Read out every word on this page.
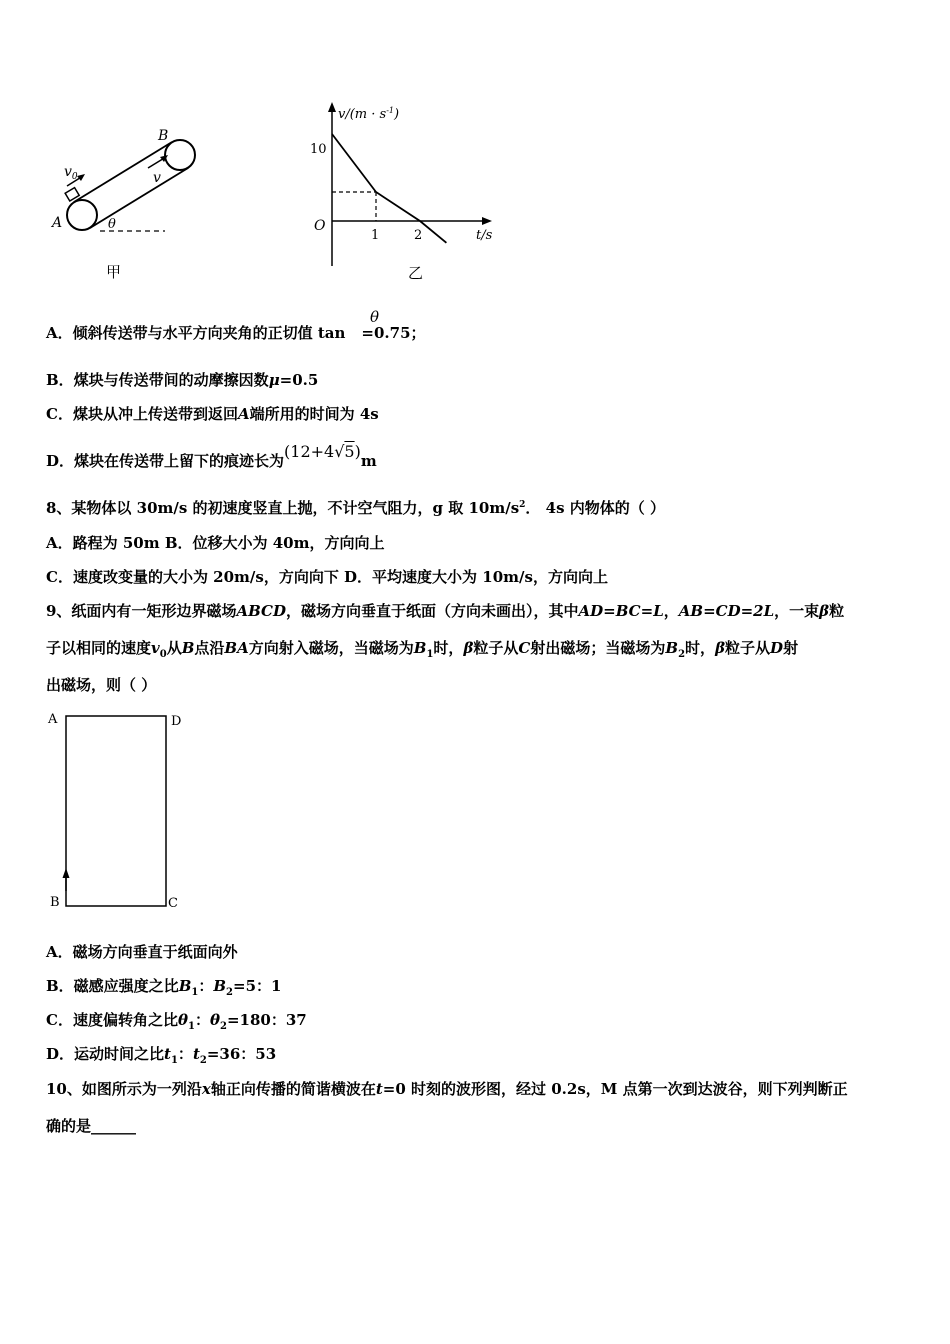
$v_0$	v
A
B
θ
甲
$v/(m \cdot s^{-1})$
t/s
O
10
1	2
乙
A．倾斜传送带与水平方向夹角的正切值 tan =0.75；
θ
B．煤块与传送带间的动摩擦因数μ=0.5
C．煤块从冲上传送带到返回A端所用的时间为 4s
D．煤块在传送带上留下的痕迹长为(12+4√5)m
8、某物体以 30m/s 的初速度竖直上抛，不计空气阻力，g 取 $10m/s^2$． 4s 内物体的（ ）
A．路程为 50m B．位移大小为 40m，方向向上
C．速度改变量的大小为 20m/s，方向向下 D．平均速度大小为 10m/s，方向向上
9、纸面内有一矩形边界磁场ABCD，磁场方向垂直于纸面（方向未画出），其中AD=BC=L，AB=CD=2L，一束β粒
子以相同的速度$v_0$从B点沿BA方向射入磁场，当磁场为$B_1$时，β粒子从C射出磁场；当磁场为$B_2$时，β粒子从D射
出磁场，则（ ）
A	D
B	C
A．磁场方向垂直于纸面向外
B．磁感应强度之比$B_1$：$B_2=5$：1
C．速度偏转角之比$\theta_1$：$\theta_2=180$：37
D．运动时间之比$t_1$：$t_2=36$：53
10、如图所示为一列沿x轴正向传播的简谐横波在t=0 时刻的波形图，经过 0.2s，M 点第一次到达波谷，则下列判断正
确的是______
